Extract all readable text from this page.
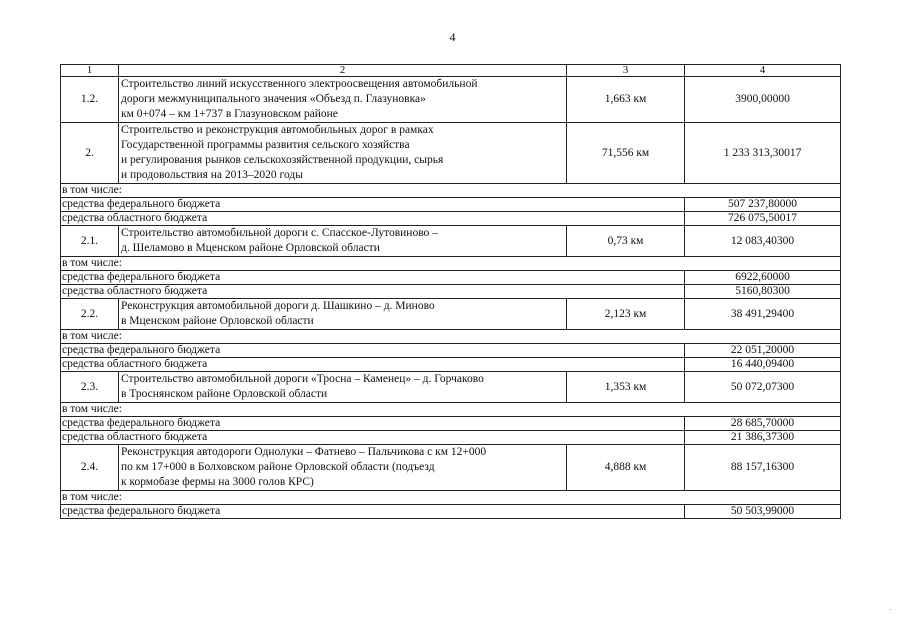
4
1	2	3	4
1.2.	Строительство линий искусственного электроосвещения автомобильной
дороги межмуниципального значения «Объезд п. Глазуновка»
км 0+074 – км 1+737 в Глазуновском районе	1,663 км	3900,00000
2.	Строительство и реконструкция автомобильных дорог в рамках
Государственной программы развития сельского хозяйства
и регулирования рынков сельскохозяйственной продукции, сырья
и продовольствия на 2013–2020 годы	71,556 км	1 233 313,30017
в том числе:			
средства федерального бюджета			507 237,80000
средства областного бюджета			726 075,50017
2.1.	Строительство автомобильной дороги с. Спасское-Лутовиново –
д. Шеламово в Мценском районе Орловской области	0,73 км	12 083,40300
в том числе:			
средства федерального бюджета			6922,60000
средства областного бюджета			5160,80300
2.2.	Реконструкция автомобильной дороги д. Шашкино – д. Миново
в Мценском районе Орловской области	2,123 км	38 491,29400
в том числе:			
средства федерального бюджета			22 051,20000
средства областного бюджета			16 440,09400
2.3.	Строительство автомобильной дороги «Тросна – Каменец» – д. Горчаково
в Троснянском районе Орловской области	1,353 км	50 072,07300
в том числе:			
средства федерального бюджета			28 685,70000
средства областного бюджета			21 386,37300
2.4.	Реконструкция автодороги Однолуки – Фатнево – Пальчикова с км 12+000
по км 17+000 в Болховском районе Орловской области (подъезд
к кормобазе фермы на 3000 голов КРС)	4,888 км	88 157,16300
в том числе:			
средства федерального бюджета			50 503,99000
.
